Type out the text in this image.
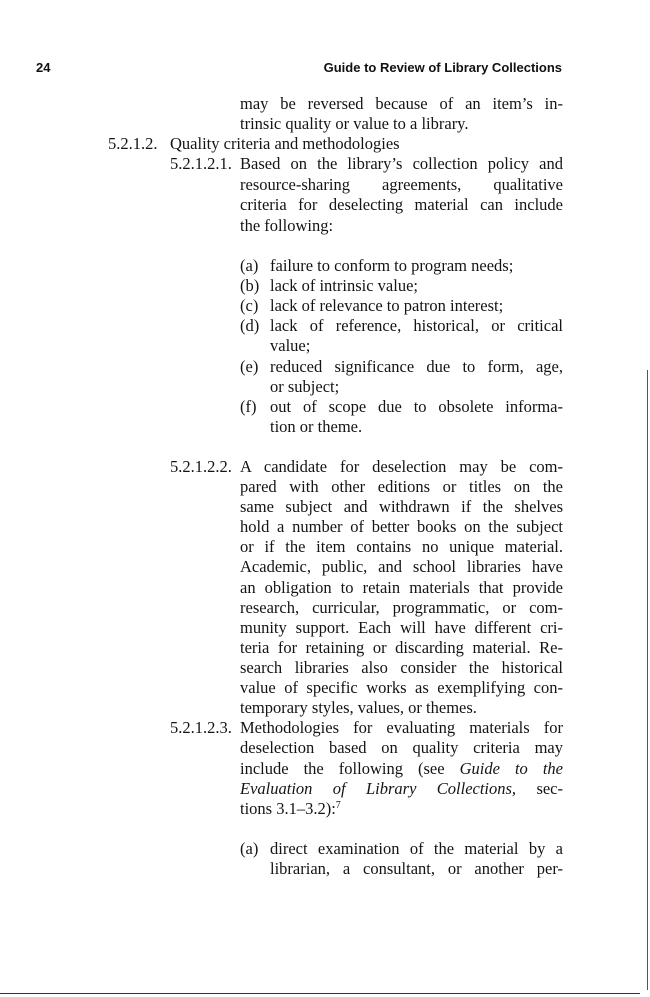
24	Guide to Review of Library Collections
may be reversed because of an item’s in-
trinsic quality or value to a library.
5.2.1.2. Quality criteria and methodologies
5.2.1.2.1. Based on the library’s collection policy and
resource-sharing agreements, qualitative
criteria for deselecting material can include
the following:
(a) failure to conform to program needs;
(b) lack of intrinsic value;
(c) lack of relevance to patron interest;
(d) lack of reference, historical, or critical
value;
(e) reduced significance due to form, age,
or subject;
(f) out of scope due to obsolete informa-
tion or theme.
5.2.1.2.2. A candidate for deselection may be com-
pared with other editions or titles on the
same subject and withdrawn if the shelves
hold a number of better books on the subject
or if the item contains no unique material.
Academic, public, and school libraries have
an obligation to retain materials that provide
research, curricular, programmatic, or com-
munity support. Each will have different cri-
teria for retaining or discarding material. Re-
search libraries also consider the historical
value of specific works as exemplifying con-
temporary styles, values, or themes.
5.2.1.2.3. Methodologies for evaluating materials for
deselection based on quality criteria may
include the following (see Guide to the
Evaluation of Library Collections, sec-
tions 3.1–3.2):$^7$
(a) direct examination of the material by a
librarian, a consultant, or another per-
